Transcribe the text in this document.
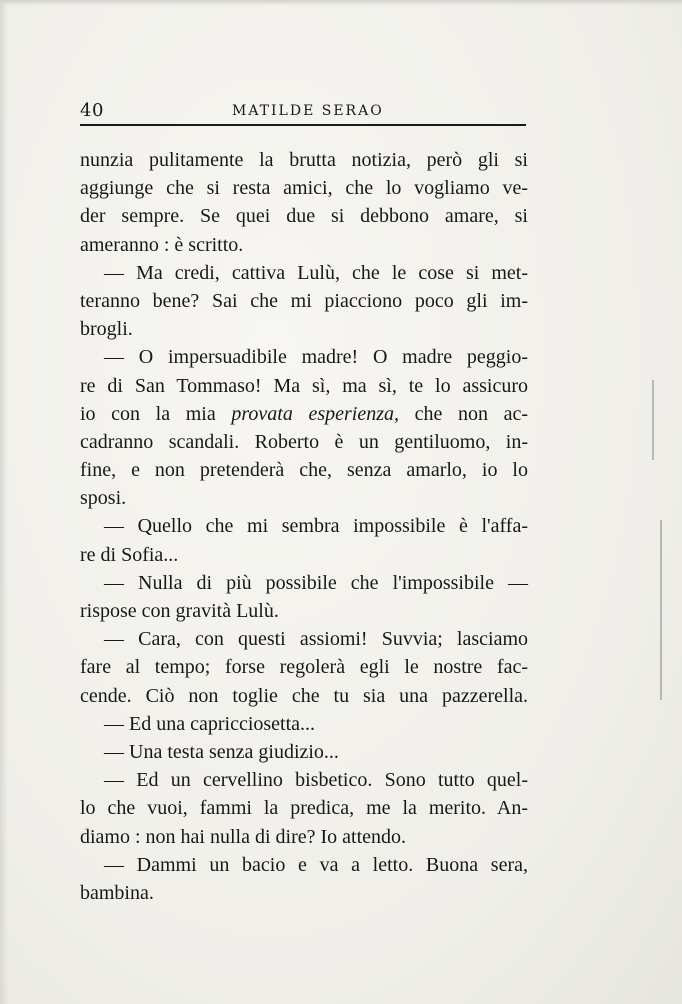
40	MATILDE SERAO
nunzia pulitamente la brutta notizia, però gli si
aggiunge che si resta amici, che lo vogliamo ve-
der sempre. Se quei due si debbono amare, si
ameranno : è scritto.
— Ma credi, cattiva Lulù, che le cose si met-
teranno bene? Sai che mi piacciono poco gli im-
brogli.
— O impersuadibile madre! O madre peggio-
re di San Tommaso! Ma sì, ma sì, te lo assicuro
io con la mia provata esperienza, che non ac-
cadranno scandali. Roberto è un gentiluomo, in-
fine, e non pretenderà che, senza amarlo, io lo
sposi.
— Quello che mi sembra impossibile è l'affa-
re di Sofia...
— Nulla di più possibile che l'impossibile —
rispose con gravità Lulù.
— Cara, con questi assiomi! Suvvia; lasciamo
fare al tempo; forse regolerà egli le nostre fac-
cende. Ciò non toglie che tu sia una pazzerella.
— Ed una capricciosetta...
— Una testa senza giudizio...
— Ed un cervellino bisbetico. Sono tutto quel-
lo che vuoi, fammi la predica, me la merito. An-
diamo : non hai nulla di dire? Io attendo.
— Dammi un bacio e va a letto. Buona sera,
bambina.
